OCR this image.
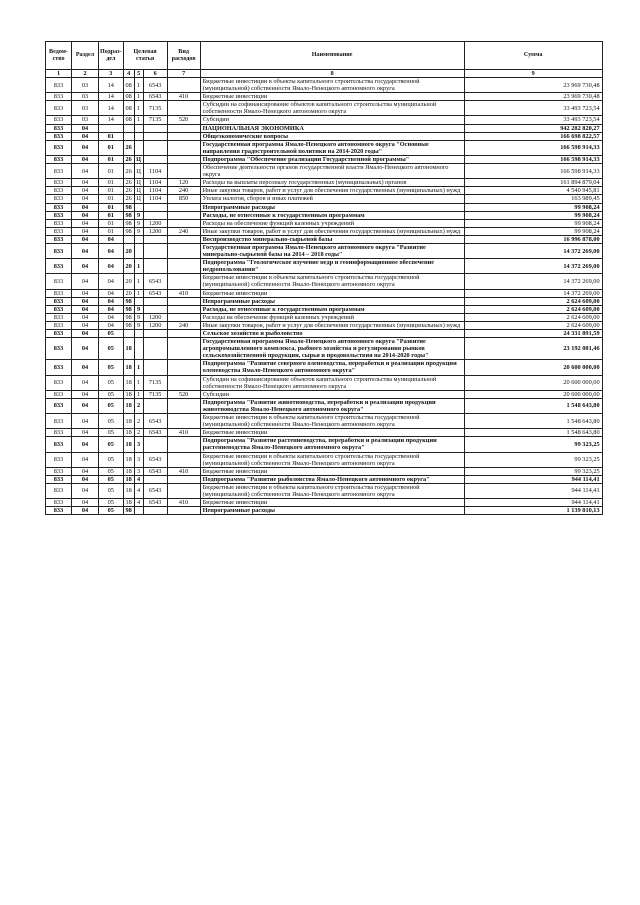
Ведом-ство	Раздел	Подраз-дел	Целевая статья			Вид расходов	Наименование	Сумма

1	2	3	4	5	6	7	8	9
833	03	14	08	1	6543		Бюджетные инвестиции в объекты капитального строительства государственной (муниципальной) собственности Ямало-Ненецкого автономного округа	23 969 730,48
833	03	14	08	1	6543	410	Бюджетные инвестиции	23 969 730,48
833	03	14	08	1	7135		Субсидии на софинансирование объектов капитального строительства муниципальной собственности Ямало-Ненецкого автономного округа	33 493 723,54
833	03	14	08	1	7135	520	Субсидии	33 493 723,54
833	04						НАЦИОНАЛЬНАЯ ЭКОНОМИКА	942 282 820,27
833	04	01					Общеэкономические вопросы	166 698 822,57
833	04	01	26				Государственная программа Ямало-Ненецкого автономного округа "Основные направления градостроительной политики на 2014-2020 годы"	166 598 914,33
833	04	01	26	Ц			Подпрограмма "Обеспечение реализации Государственной программы"	166 598 914,33
833	04	01	26	Ц	1104		Обеспечение деятельности органов государственной власти Ямало-Ненецкого автономного округа	166 598 914,33
833	04	01	26	Ц	1104	120	Расходы на выплаты персоналу государственных (муниципальных) органов	161 894 879,04
833	04	01	26	Ц	1104	240	Иные закупки товаров, работ и услуг для обеспечения государственных (муниципальных) нужд	4 540 945,81
833	04	01	26	Ц	1104	850	Уплата налогов, сборов и иных платежей	163 989,45
833	04	01	98				Непрограммные расходы	99 908,24
833	04	01	98	9			Расходы, не отнесенные к государственным программам	99 908,24
833	04	01	98	9	1200		Расходы на обеспечение функций казенных учреждений	99 908,24
833	04	01	98	9	1200	240	Иные закупки товаров, работ и услуг для обеспечения государственных (муниципальных) нужд	99 908,24
833	04	04					Воспроизводство минерально-сырьевой базы	16 996 878,00
833	04	04	20				Государственная программа Ямало-Ненецкого автономного округа "Развитие минерально-сырьевой базы на 2014 – 2018 годы"	14 372 269,00
833	04	04	20	1			Подпрограмма "Геологическое изучение недр и геоинформационное обеспечение недропользования"	14 372 269,00
833	04	04	20	1	6543		Бюджетные инвестиции в объекты капитального строительства государственной (муниципальной) собственности Ямало-Ненецкого автономного округа	14 372 269,00
833	04	04	20	1	6543	410	Бюджетные инвестиции	14 372 269,00
833	04	04	98				Непрограммные расходы	2 624 609,00
833	04	04	98	9			Расходы, не отнесенные к государственным программам	2 624 609,00
833	04	04	98	9	1200		Расходы на обеспечение функций казенных учреждений	2 624 609,00
833	04	04	98	9	1200	240	Иные закупки товаров, работ и услуг для обеспечения государственных (муниципальных) нужд	2 624 609,00
833	04	05					Сельское хозяйство и рыболовство	24 331 891,59
833	04	05	18				Государственная программа Ямало-Ненецкого автономного округа "Развитие агропромышленного комплекса, рыбного хозяйства и регулирования рынков сельскохозяйственной продукции, сырья и продовольствия на 2014-2020 годы"	23 192 081,46
833	04	05	18	1			Подпрограмма "Развитие северного оленеводства, переработки и реализации продукции оленеводства Ямало-Ненецкого автономного округа"	20 600 000,00
833	04	05	18	1	7135		Субсидии на софинансирование объектов капитального строительства муниципальной собственности Ямало-Ненецкого автономного округа	20 600 000,00
833	04	05	18	1	7135	520	Субсидии	20 600 000,00
833	04	05	18	2			Подпрограмма "Развитие животноводства, переработки и реализации продукции животноводства Ямало-Ненецкого автономного округа"	1 548 643,80
833	04	05	18	2	6543		Бюджетные инвестиции в объекты капитального строительства государственной (муниципальной) собственности Ямало-Ненецкого автономного округа	1 548 643,80
833	04	05	18	2	6543	410	Бюджетные инвестиции	1 548 643,80
833	04	05	18	3			Подпрограмма "Развитие растениеводства, переработки и реализации продукции растениеводства Ямало-Ненецкого автономного округа"	99 323,25
833	04	05	18	3	6543		Бюджетные инвестиции в объекты капитального строительства государственной (муниципальной) собственности Ямало-Ненецкого автономного округа	99 323,25
833	04	05	18	3	6543	410	Бюджетные инвестиции	99 323,25
833	04	05	18	4			Подпрограмма "Развитие рыболовства Ямало-Ненецкого автономного округа"	944 114,41
833	04	05	18	4	6543		Бюджетные инвестиции в объекты капитального строительства государственной (муниципальной) собственности Ямало-Ненецкого автономного округа	944 114,41
833	04	05	18	4	6543	410	Бюджетные инвестиции	944 114,41
833	04	05	98				Непрограммные расходы	1 139 810,13
